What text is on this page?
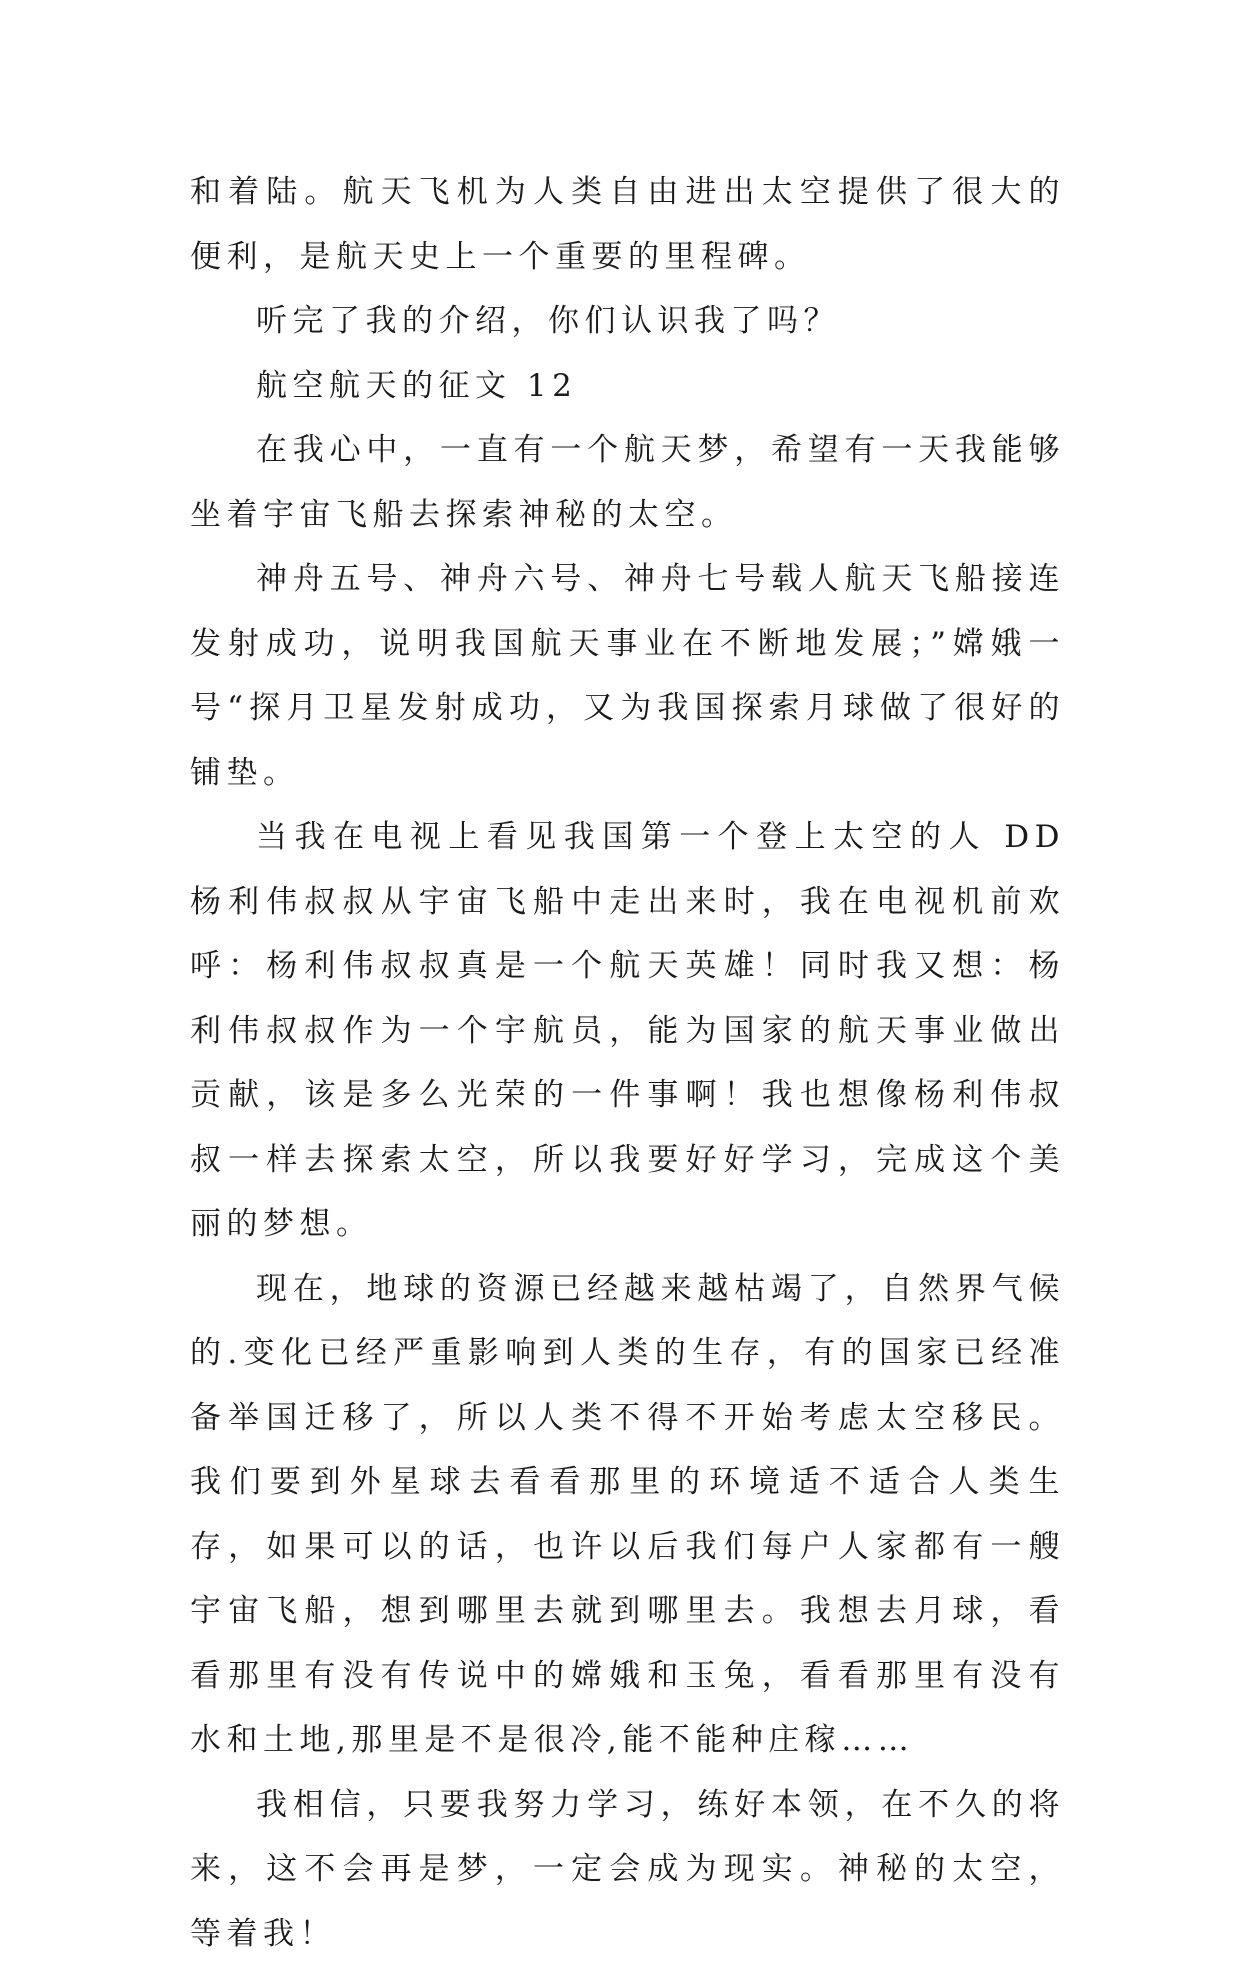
和着陆。航天飞机为人类自由进出太空提供了很大的便利，是航天史上一个重要的里程碑。

听完了我的介绍，你们认识我了吗？

航空航天的征文 12

在我心中，一直有一个航天梦，希望有一天我能够坐着宇宙飞船去探索神秘的太空。

神舟五号、神舟六号、神舟七号载人航天飞船接连发射成功，说明我国航天事业在不断地发展；”嫦娥一号“探月卫星发射成功，又为我国探索月球做了很好的铺垫。

当我在电视上看见我国第一个登上太空的人 DD 杨利伟叔叔从宇宙飞船中走出来时，我在电视机前欢呼：杨利伟叔叔真是一个航天英雄！同时我又想：杨利伟叔叔作为一个宇航员，能为国家的航天事业做出贡献，该是多么光荣的一件事啊！我也想像杨利伟叔叔一样去探索太空，所以我要好好学习，完成这个美丽的梦想。

现在，地球的资源已经越来越枯竭了，自然界气候的.变化已经严重影响到人类的生存，有的国家已经准备举国迁移了，所以人类不得不开始考虑太空移民。我们要到外星球去看看那里的环境适不适合人类生存，如果可以的话，也许以后我们每户人家都有一艘宇宙飞船，想到哪里去就到哪里去。我想去月球，看看那里有没有传说中的嫦娥和玉兔，看看那里有没有水和土地,那里是不是很冷,能不能种庄稼……

我相信，只要我努力学习，练好本领，在不久的将来，这不会再是梦，一定会成为现实。神秘的太空，等着我！
